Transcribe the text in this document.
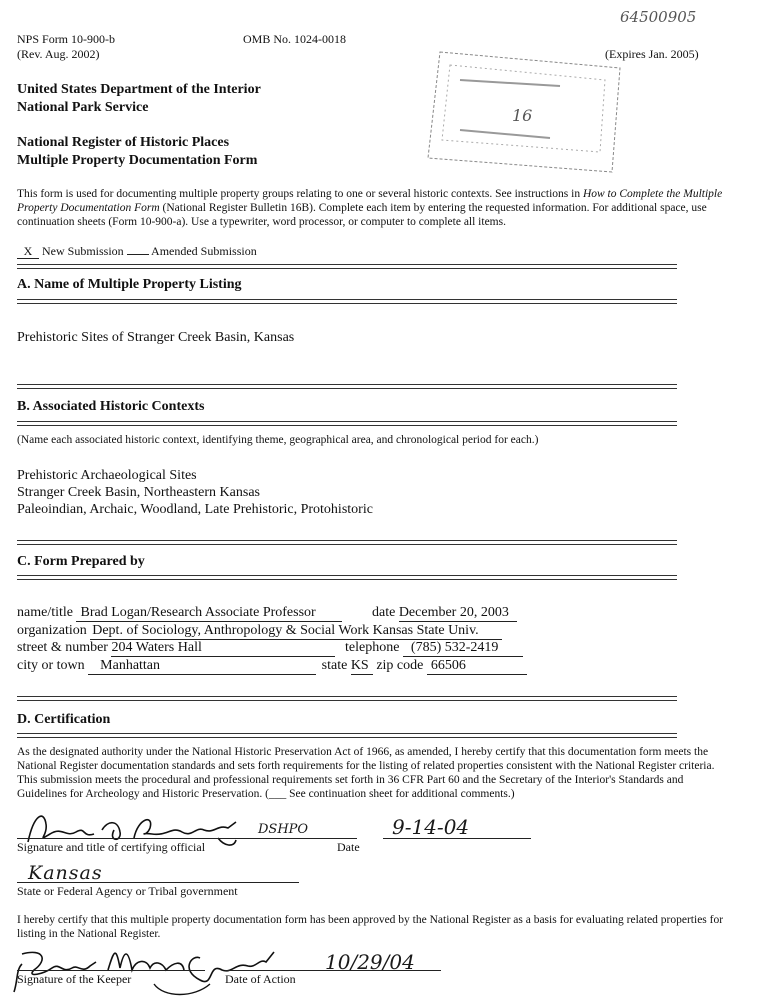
NPS Form 10-900-b
(Rev. Aug. 2002)
OMB No. 1024-0018
(Expires Jan. 2005)
64500905
16
United States Department of the Interior
National Park Service
National Register of Historic Places
Multiple Property Documentation Form
This form is used for documenting multiple property groups relating to one or several historic contexts. See instructions in How to Complete the Multiple Property Documentation Form (National Register Bulletin 16B). Complete each item by entering the requested information. For additional space, use continuation sheets (Form 10-900-a). Use a typewriter, word processor, or computer to complete all items.
X New Submission Amended Submission
A. Name of Multiple Property Listing
Prehistoric Sites of Stranger Creek Basin, Kansas
B. Associated Historic Contexts
(Name each associated historic context, identifying theme, geographical area, and chronological period for each.)
Prehistoric Archaeological Sites
Stranger Creek Basin, Northeastern Kansas
Paleoindian, Archaic, Woodland, Late Prehistoric, Protohistoric
C. Form Prepared by
name/title Brad Logan/Research Associate Professor	date December 20, 2003
organization Dept. of Sociology, Anthropology & Social Work Kansas State Univ.
street & number 204 Waters Hall	telephone (785) 532-2419
city or town Manhattan	state KS zip code 66506
D. Certification
As the designated authority under the National Historic Preservation Act of 1966, as amended, I hereby certify that this documentation form meets the National Register documentation standards and sets forth requirements for the listing of related properties consistent with the National Register criteria. This submission meets the procedural and professional requirements set forth in 36 CFR Part 60 and the Secretary of the Interior's Standards and Guidelines for Archeology and Historic Preservation. (___ See continuation sheet for additional comments.)
DSHPO	9-14-04
Signature and title of certifying official	Date
Kansas
State or Federal Agency or Tribal government
I hereby certify that this multiple property documentation form has been approved by the National Register as a basis for evaluating related properties for listing in the National Register.
10/29/04
Signature of the Keeper	Date of Action
